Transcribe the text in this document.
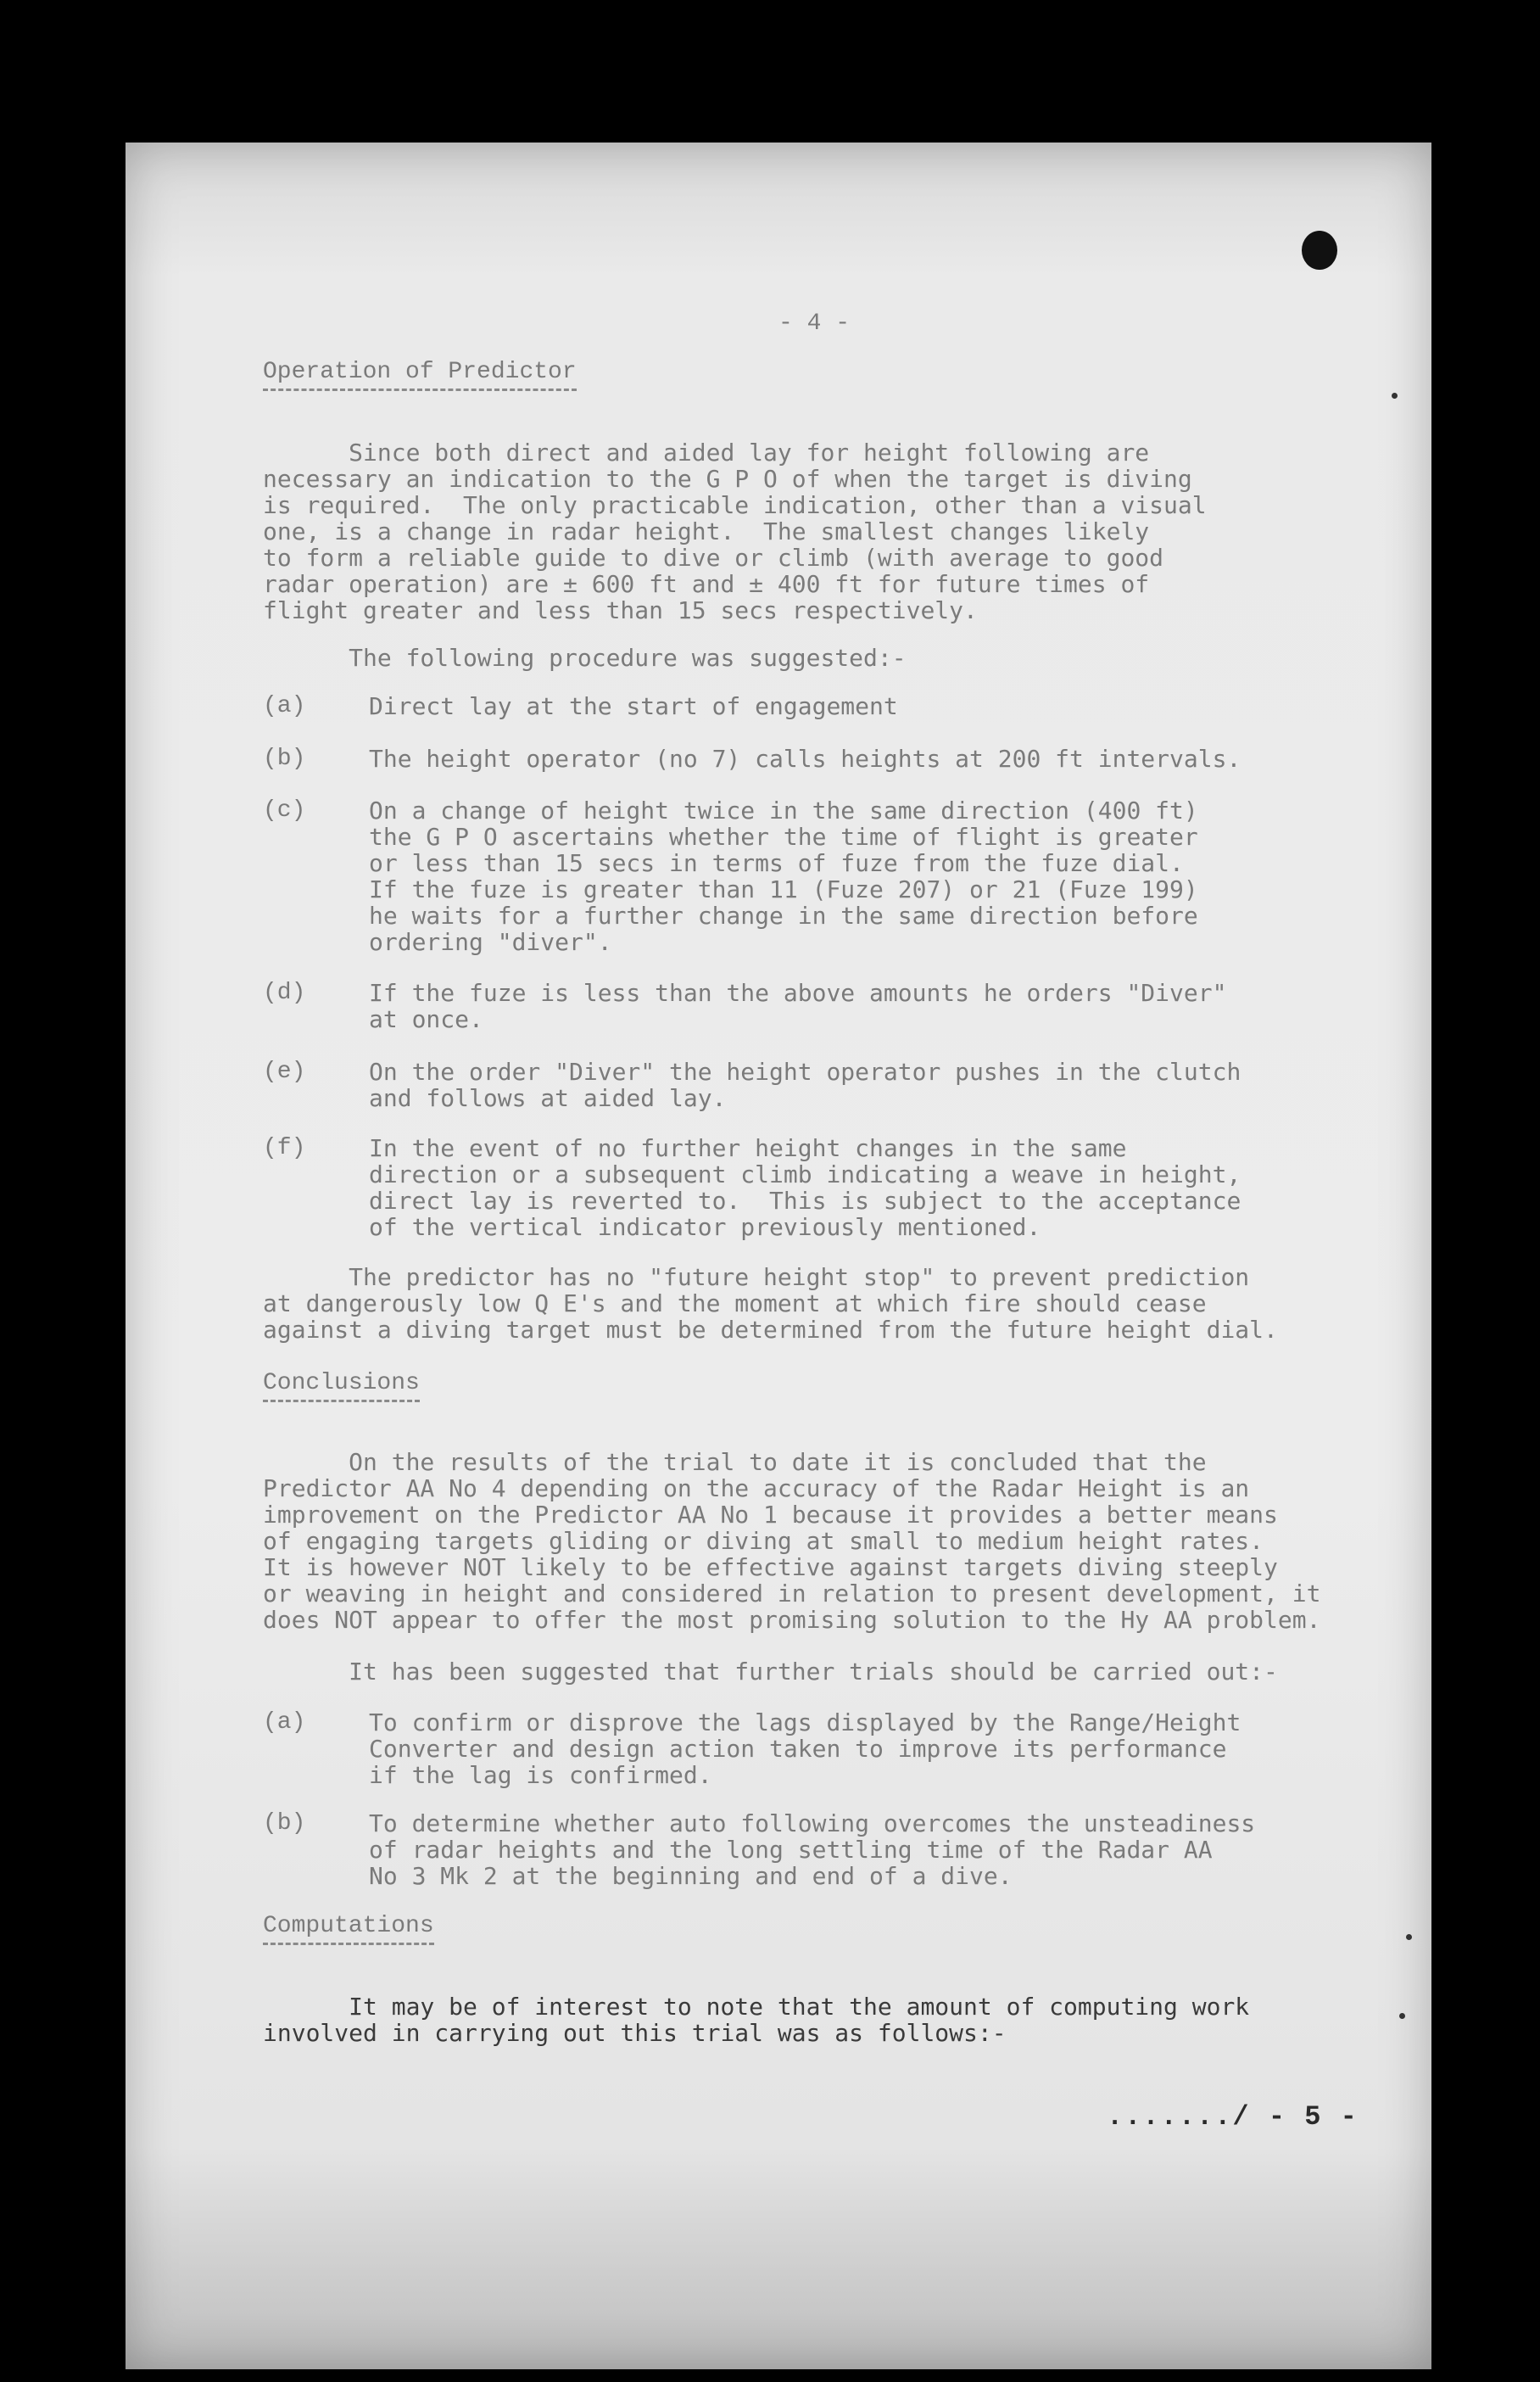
- 4 -
Operation of Predictor
Since both direct and aided lay for height following are
necessary an indication to the G P O of when the target is diving
is required.  The only practicable indication, other than a visual
one, is a change in radar height.  The smallest changes likely
to form a reliable guide to dive or climb (with average to good
radar operation) are ± 600 ft and ± 400 ft for future times of
flight greater and less than 15 secs respectively.
The following procedure was suggested:-
(a)	Direct lay at the start of engagement
(b)	The height operator (no 7) calls heights at 200 ft intervals.
(c)	On a change of height twice in the same direction (400 ft)
the G P O ascertains whether the time of flight is greater
or less than 15 secs in terms of fuze from the fuze dial.
If the fuze is greater than 11 (Fuze 207) or 21 (Fuze 199)
he waits for a further change in the same direction before
ordering "diver".
(d)	If the fuze is less than the above amounts he orders "Diver"
at once.
(e)	On the order "Diver" the height operator pushes in the clutch
and follows at aided lay.
(f)	In the event of no further height changes in the same
direction or a subsequent climb indicating a weave in height,
direct lay is reverted to.  This is subject to the acceptance
of the vertical indicator previously mentioned.
The predictor has no "future height stop" to prevent prediction
at dangerously low Q E's and the moment at which fire should cease
against a diving target must be determined from the future height dial.
Conclusions
On the results of the trial to date it is concluded that the
Predictor AA No 4 depending on the accuracy of the Radar Height is an
improvement on the Predictor AA No 1 because it provides a better means
of engaging targets gliding or diving at small to medium height rates.
It is however NOT likely to be effective against targets diving steeply
or weaving in height and considered in relation to present development, it
does NOT appear to offer the most promising solution to the Hy AA problem.
It has been suggested that further trials should be carried out:-
(a)	To confirm or disprove the lags displayed by the Range/Height
Converter and design action taken to improve its performance
if the lag is confirmed.
(b)	To determine whether auto following overcomes the unsteadiness
of radar heights and the long settling time of the Radar AA
No 3 Mk 2 at the beginning and end of a dive.
Computations
It may be of interest to note that the amount of computing work
involved in carrying out this trial was as follows:-
......./ - 5 -
